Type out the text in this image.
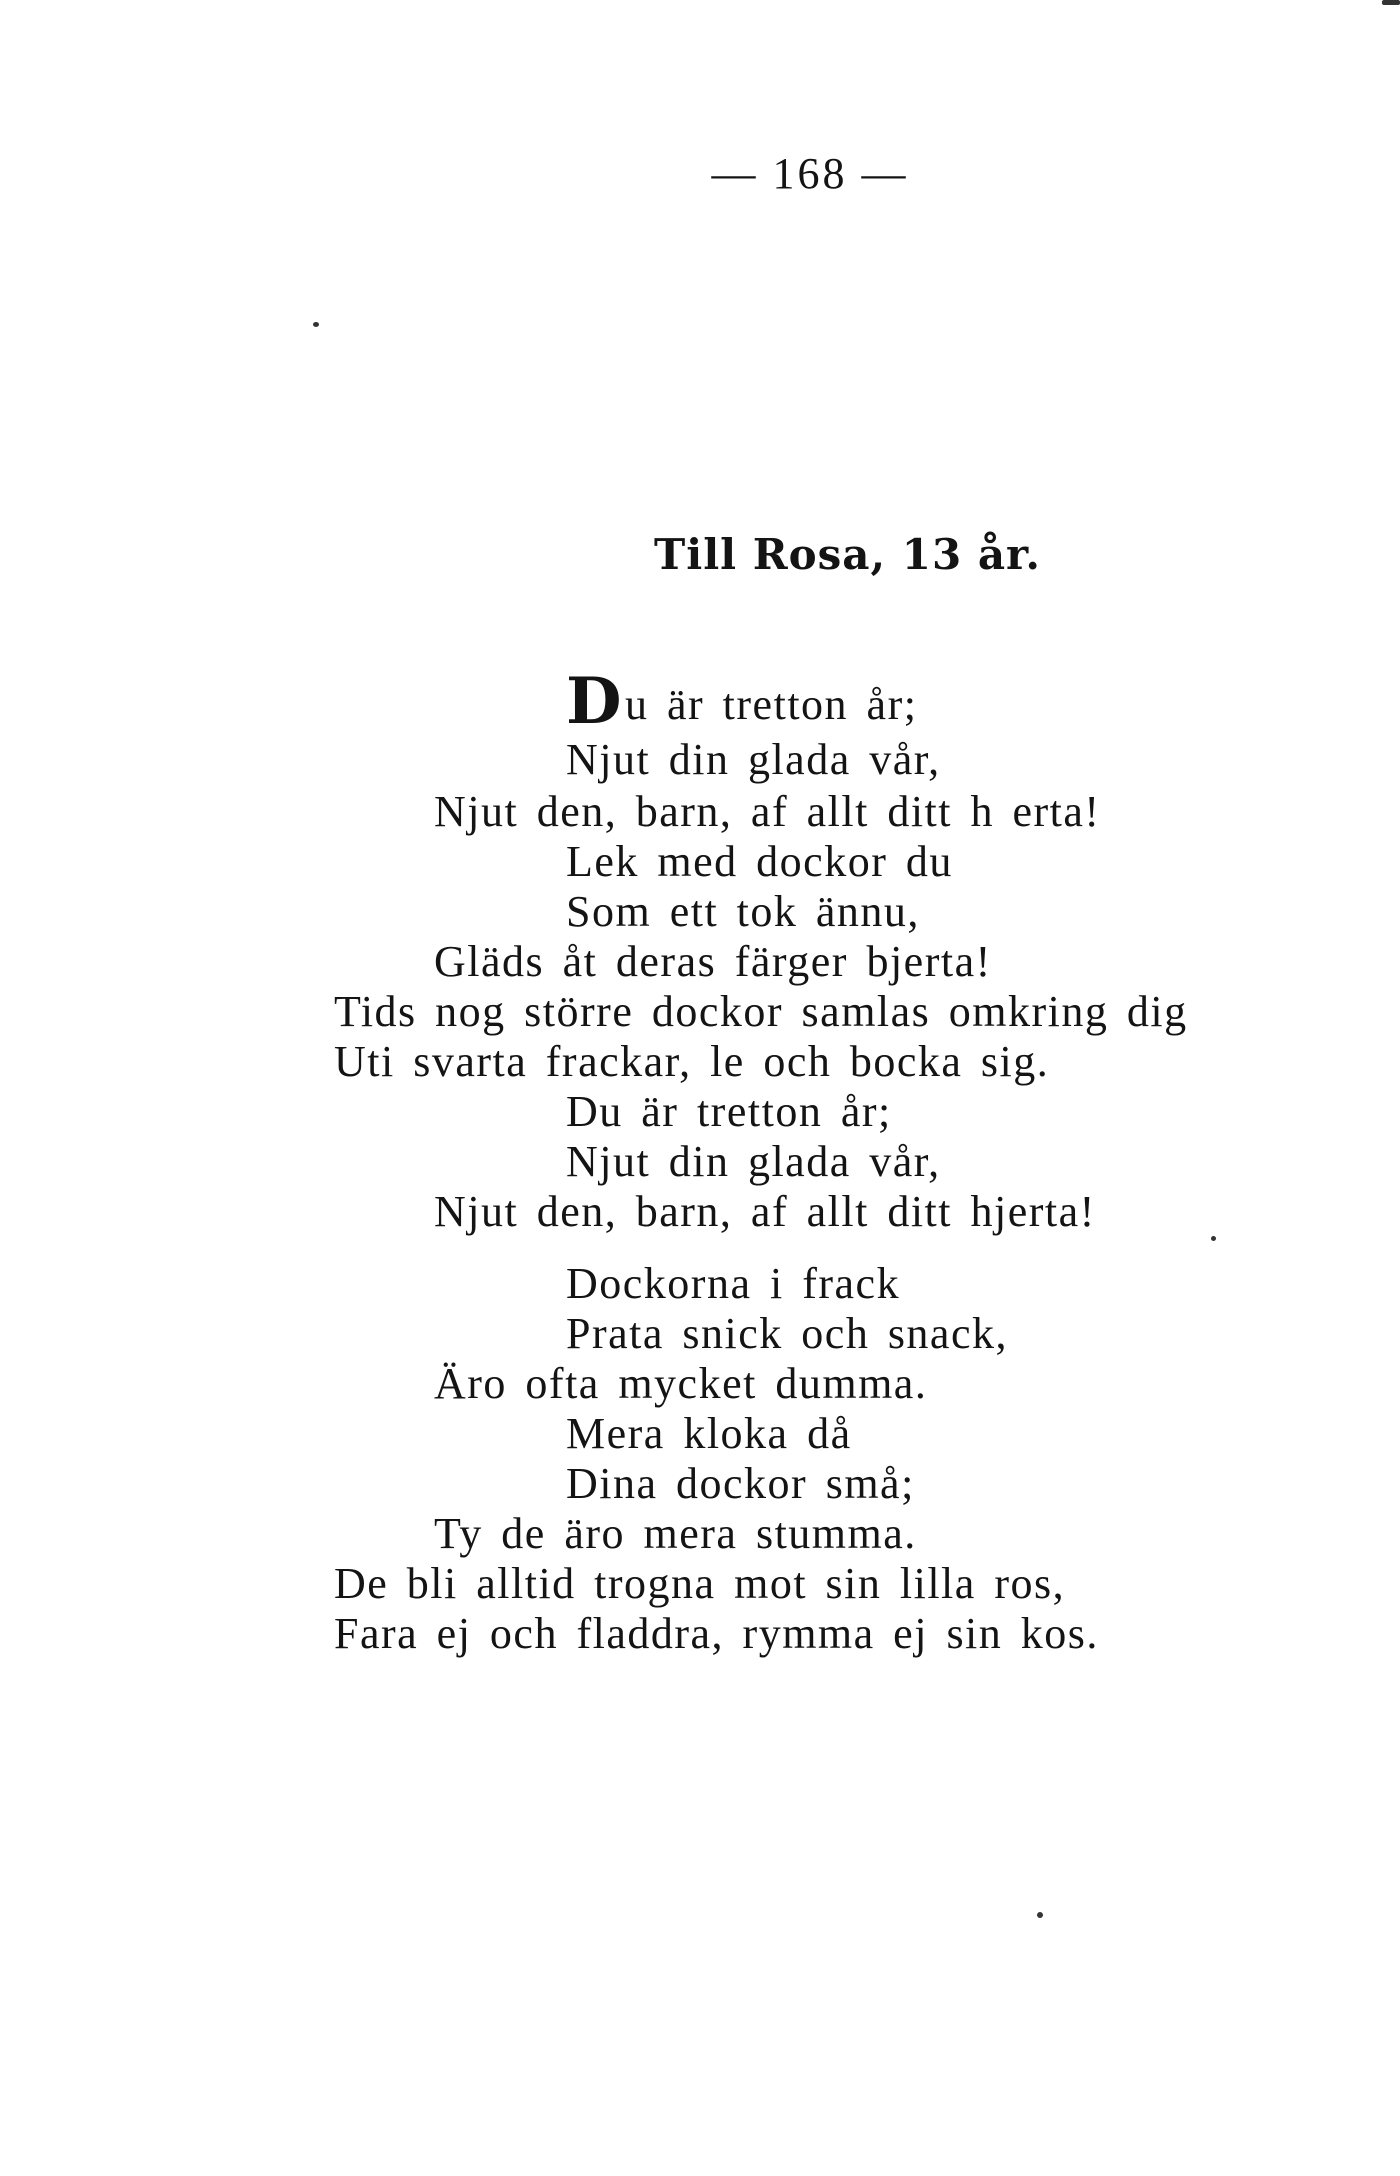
— 168 —
Till Rosa, 13 år.
Du är tretton år;
Njut din glada vår,
Njut den, barn, af allt ditt h erta!
Lek med dockor du
Som ett tok ännu,
Gläds åt deras färger bjerta!
Tids nog större dockor samlas omkring dig
Uti svarta frackar, le och bocka sig.
Du är tretton år;
Njut din glada vår,
Njut den, barn, af allt ditt hjerta!
Dockorna i frack
Prata snick och snack,
Äro ofta mycket dumma.
Mera kloka då
Dina dockor små;
Ty de äro mera stumma.
De bli alltid trogna mot sin lilla ros,
Fara ej och fladdra, rymma ej sin kos.
